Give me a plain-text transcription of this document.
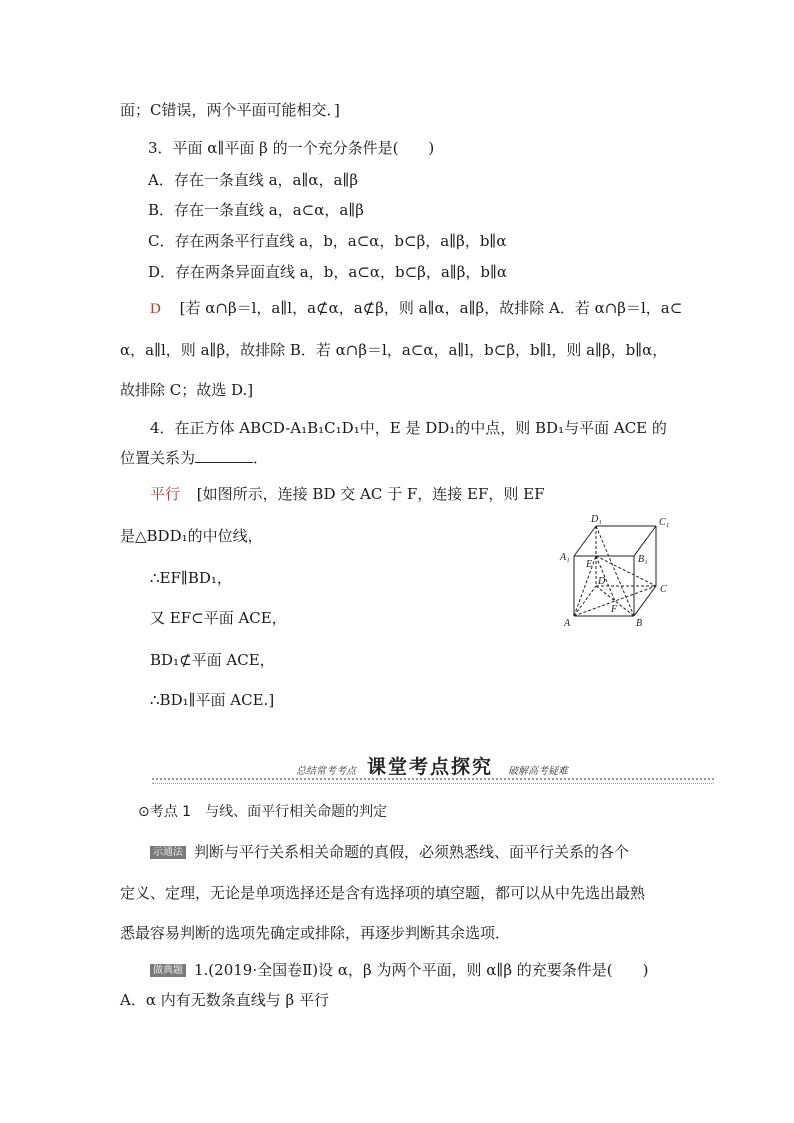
面；C错误，两个平面可能相交．]
3．平面 α∥平面 β 的一个充分条件是(　　)
A．存在一条直线 a，a∥α，a∥β
B．存在一条直线 a，a⊂α，a∥β
C．存在两条平行直线 a，b，a⊂α，b⊂β，a∥β，b∥α
D．存在两条异面直线 a，b，a⊂α，b⊂β，a∥β，b∥α
D [若 α∩β＝l，a∥l，a⊄α，a⊄β，则 a∥α，a∥β，故排除 A．若 α∩β＝l，a⊂
α，a∥l，则 a∥β，故排除 B．若 α∩β＝l，a⊂α，a∥l，b⊂β，b∥l，则 a∥β，b∥α，
故排除 C；故选 D.]
4．在正方体 ABCD-A₁B₁C₁D₁中，E 是 DD₁的中点，则 BD₁与平面 ACE 的
位置关系为	．
平行 [如图所示，连接 BD 交 AC 于 F，连接 EF，则 EF
是△BDD₁的中位线，
∴EF∥BD₁，
又 EF⊂平面 ACE，
BD₁⊄平面 ACE，
∴BD₁∥平面 ACE.]
D₁	C₁
A₁	B₁
E
D
C
F
A	B
总结常考考点 课堂考点探究 破解高考疑难
⊙考点 1　与线、面平行相关命题的判定
示通法 判断与平行关系相关命题的真假，必须熟悉线、面平行关系的各个
定义、定理，无论是单项选择还是含有选择项的填空题，都可以从中先选出最熟
悉最容易判断的选项先确定或排除，再逐步判断其余选项．
做典题 1.(2019·全国卷Ⅱ)设 α，β 为两个平面，则 α∥β 的充要条件是(　　)
A．α 内有无数条直线与 β 平行
